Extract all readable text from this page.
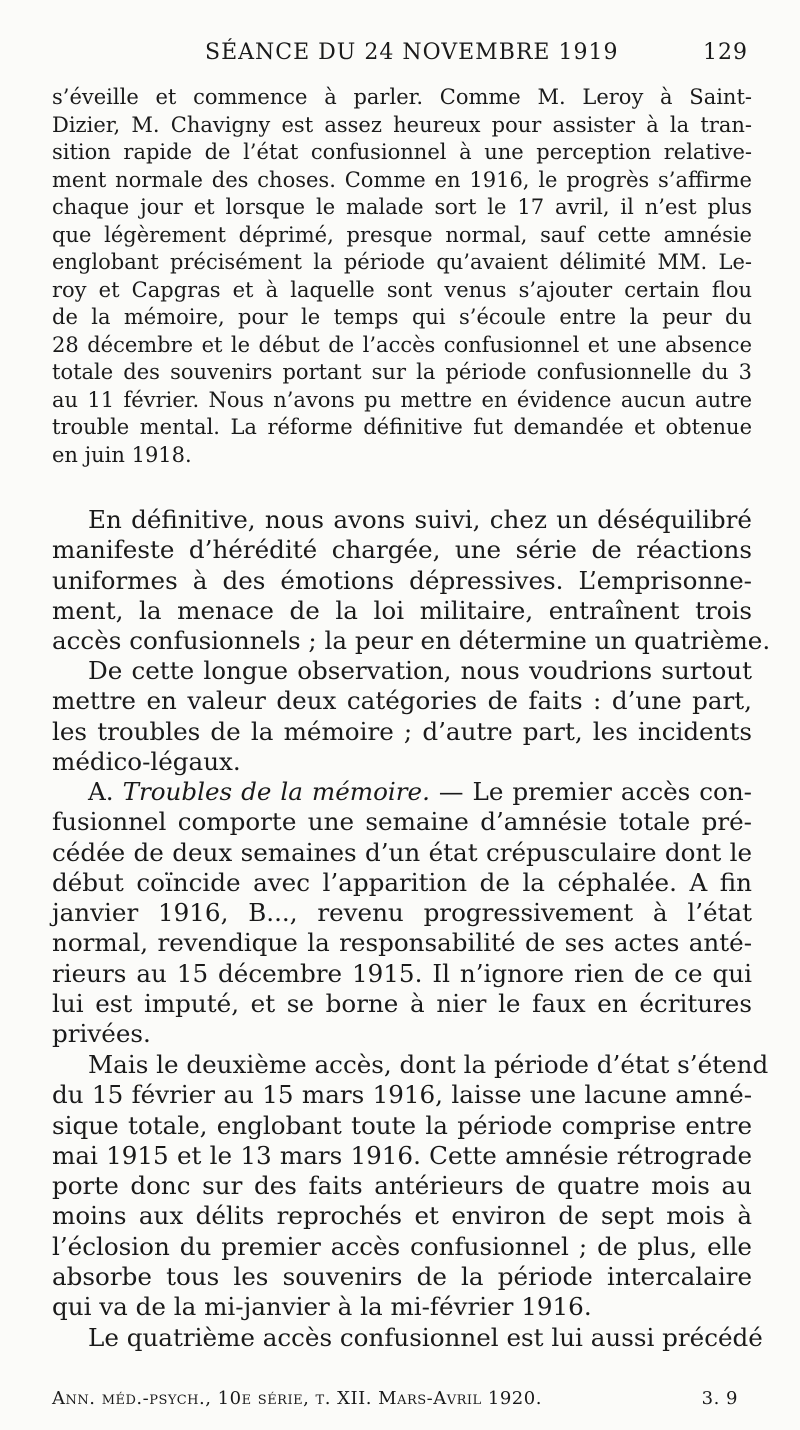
SÉANCE DU 24 NOVEMBRE 1919	129
s’éveille et commence à parler. Comme M. Leroy à Saint-
Dizier, M. Chavigny est assez heureux pour assister à la tran-
sition rapide de l’état confusionnel à une perception relative-
ment normale des choses. Comme en 1916, le progrès s’affirme
chaque jour et lorsque le malade sort le 17 avril, il n’est plus
que légèrement déprimé, presque normal, sauf cette amnésie
englobant précisément la période qu’avaient délimité MM. Le-
roy et Capgras et à laquelle sont venus s’ajouter certain flou
de la mémoire, pour le temps qui s’écoule entre la peur du
28 décembre et le début de l’accès confusionnel et une absence
totale des souvenirs portant sur la période confusionnelle du 3
au 11 février. Nous n’avons pu mettre en évidence aucun autre
trouble mental. La réforme définitive fut demandée et obtenue
en juin 1918.
En définitive, nous avons suivi, chez un déséquilibré
manifeste d’hérédité chargée, une série de réactions
uniformes à des émotions dépressives. L’emprisonne-
ment, la menace de la loi militaire, entraînent trois
accès confusionnels ; la peur en détermine un quatrième.
De cette longue observation, nous voudrions surtout
mettre en valeur deux catégories de faits : d’une part,
les troubles de la mémoire ; d’autre part, les incidents
médico-légaux.
A. Troubles de la mémoire. — Le premier accès con-
fusionnel comporte une semaine d’amnésie totale pré-
cédée de deux semaines d’un état crépusculaire dont le
début coïncide avec l’apparition de la céphalée. A fin
janvier 1916, B..., revenu progressivement à l’état
normal, revendique la responsabilité de ses actes anté-
rieurs au 15 décembre 1915. Il n’ignore rien de ce qui
lui est imputé, et se borne à nier le faux en écritures
privées.
Mais le deuxième accès, dont la période d’état s’étend
du 15 février au 15 mars 1916, laisse une lacune amné-
sique totale, englobant toute la période comprise entre
mai 1915 et le 13 mars 1916. Cette amnésie rétrograde
porte donc sur des faits antérieurs de quatre mois au
moins aux délits reprochés et environ de sept mois à
l’éclosion du premier accès confusionnel ; de plus, elle
absorbe tous les souvenirs de la période intercalaire
qui va de la mi-janvier à la mi-février 1916.
Le quatrième accès confusionnel est lui aussi précédé
Ann. méd.-psych., 10e série, t. XII. Mars-Avril 1920.	3. 9
